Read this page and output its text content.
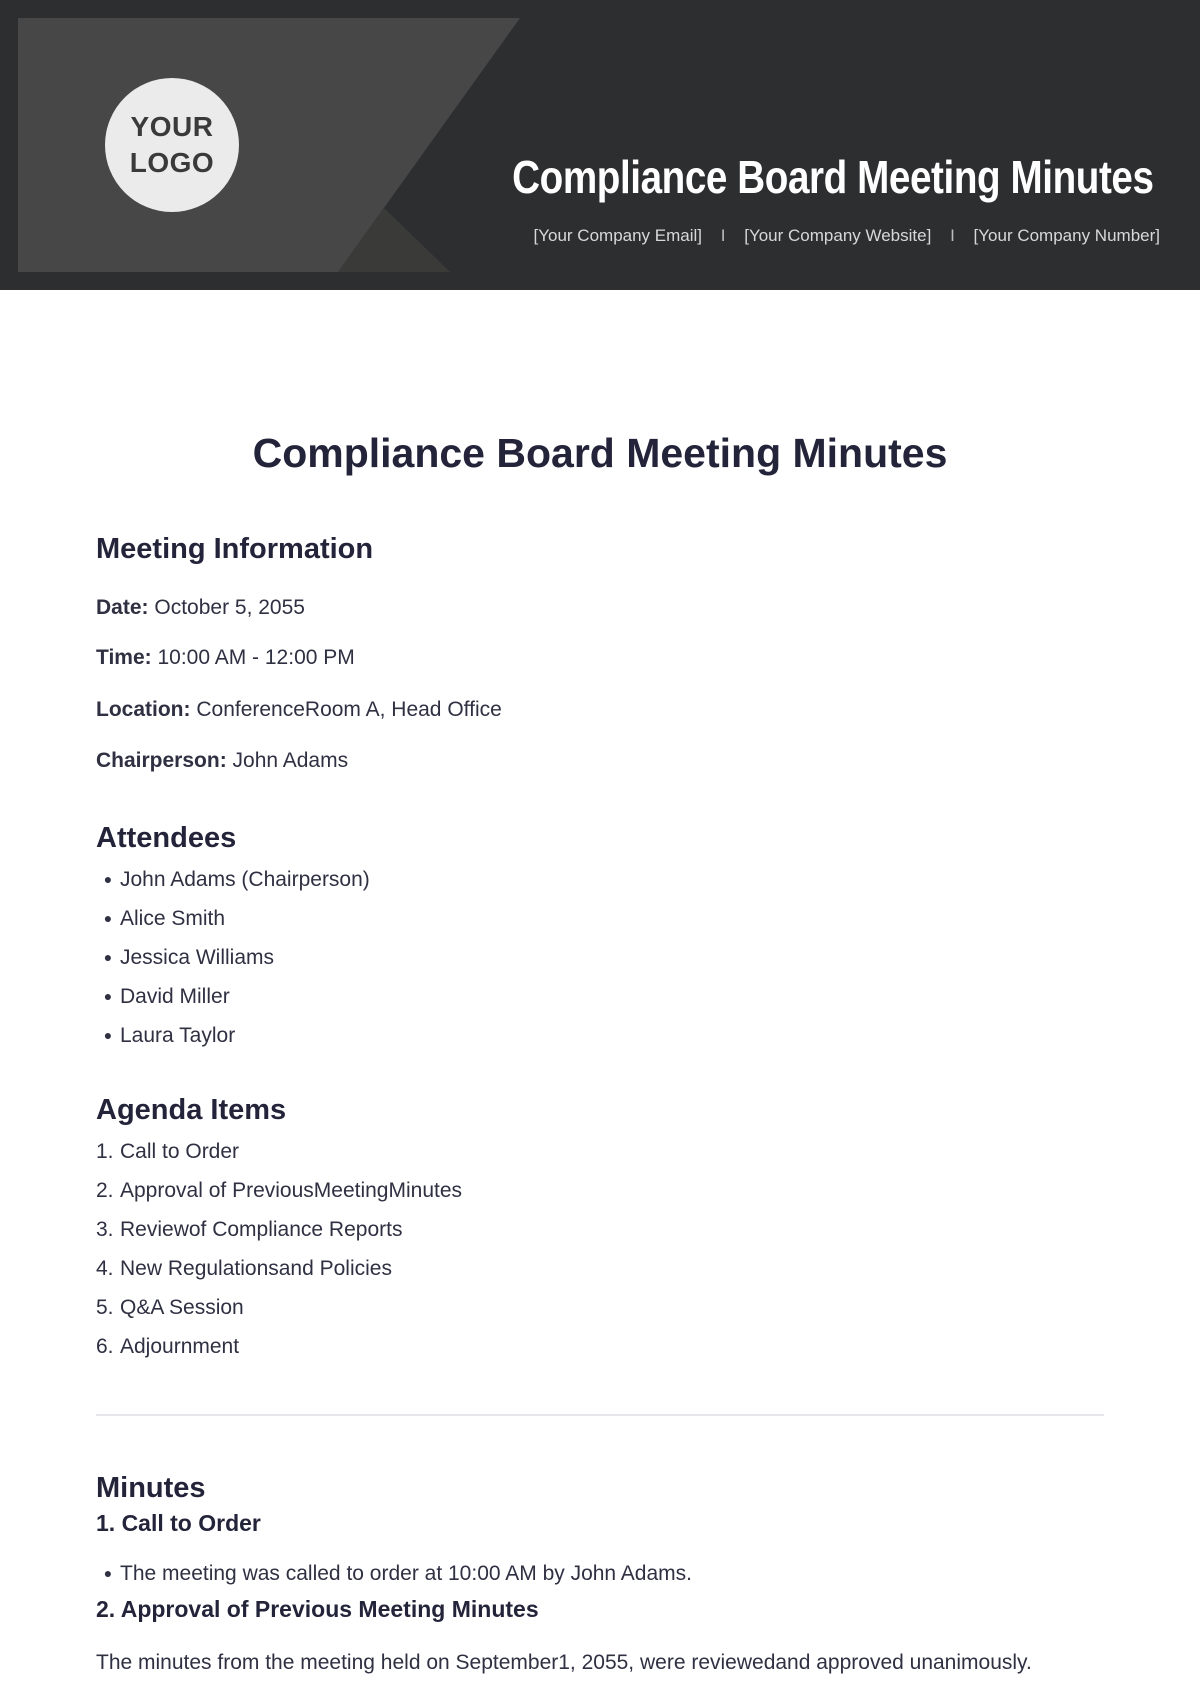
YOUR
LOGO	Compliance Board Meeting Minutes
[Your Company Email] I [Your Company Website] I [Your Company Number]
Compliance Board Meeting Minutes
Meeting Information
Date: October 5, 2055
Time: 10:00 AM - 12:00 PM
Location: ConferenceRoom A, Head Office
Chairperson: John Adams
Attendees
● John Adams (Chairperson)
● Alice Smith
● Jessica Williams
● David Miller
● Laura Taylor
Agenda Items
1. Call to Order
2. Approval of PreviousMeetingMinutes
3. Reviewof Compliance Reports
4. New Regulationsand Policies
5. Q&A Session
6. Adjournment
Minutes
1. Call to Order
● The meeting was called to order at 10:00 AM by John Adams.
2. Approval of Previous Meeting Minutes
The minutes from the meeting held on September1, 2055, were reviewedand approved unanimously.
